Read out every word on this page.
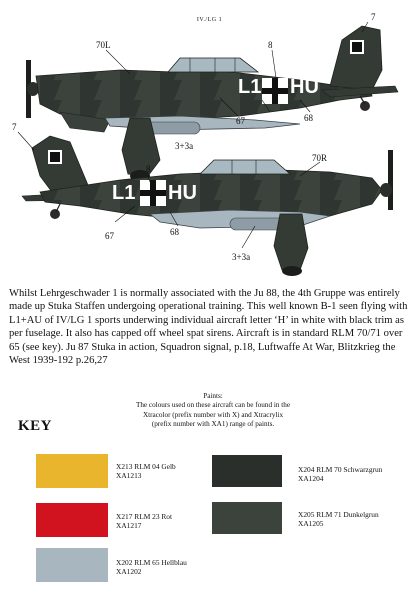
IV./LG 1
L1 HU
L1 HU
7
70L	8
3+3a
67	68
7
8
70R
67	68
3+3a

Whilst Lehrgeschwader 1 is normally associated with the Ju 88, the 4th Gruppe was entirely made up Stuka Staffen undergoing operational training. This well known B-1 seen flying with L1+AU of IV/LG 1 sports underwing individual aircraft letter ‘H’ in white with black trim as per fuselage. It also has capped off wheel spat sirens. Aircraft is in standard RLM 70/71 over 65 (see key). Ju 87 Stuka in action, Squadron signal, p.18, Luftwaffe At War, Blitzkrieg the West 1939-192 p.26,27

Paints:
The colours used on these aircraft can be found in the
Xtracolor (prefix number with X) and Xtracrylix
(prefix number with XA1) range of paints.
KEY
X213 RLM 04 Gelb
XA1213
X217 RLM 23 Rot
XA1217
X202 RLM 65 Hellblau
XA1202
X204 RLM 70 Schwarzgrun
XA1204
X205 RLM 71 Dunkelgrun
XA1205
